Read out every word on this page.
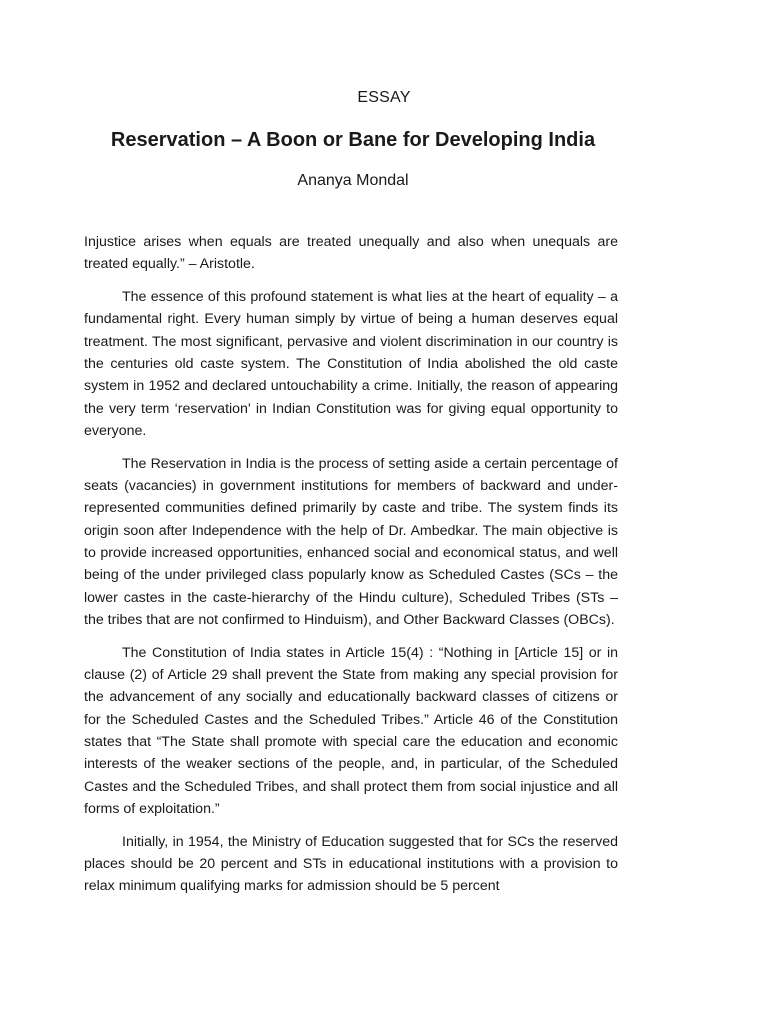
ESSAY
Reservation – A Boon or Bane for Developing India
Ananya Mondal

Injustice arises when equals are treated unequally and also when unequals are treated equally.” – Aristotle.

The essence of this profound statement is what lies at the heart of equality – a fundamental right. Every human simply by virtue of being a human deserves equal treatment. The most significant, pervasive and violent discrimination in our country is the centuries old caste system. The Constitution of India abolished the old caste system in 1952 and declared untouchability a crime. Initially, the reason of appearing the very term ‘reservation' in Indian Constitution was for giving equal opportunity to everyone.

The Reservation in India is the process of setting aside a certain percentage of seats (vacancies) in government institutions for members of backward and under-represented communities defined primarily by caste and tribe. The system finds its origin soon after Independence with the help of Dr. Ambedkar. The main objective is to provide increased opportunities, enhanced social and economical status, and well being of the under privileged class popularly know as Scheduled Castes (SCs – the lower castes in the caste-hierarchy of the Hindu culture), Scheduled Tribes (STs – the tribes that are not confirmed to Hinduism), and Other Backward Classes (OBCs).

The Constitution of India states in Article 15(4) : “Nothing in [Article 15] or in clause (2) of Article 29 shall prevent the State from making any special provision for the advancement of any socially and educationally backward classes of citizens or for the Scheduled Castes and the Scheduled Tribes.” Article 46 of the Constitution states that “The State shall promote with special care the education and economic interests of the weaker sections of the people, and, in particular, of the Scheduled Castes and the Scheduled Tribes, and shall protect them from social injustice and all forms of exploitation.”

Initially, in 1954, the Ministry of Education suggested that for SCs the reserved places should be 20 percent and STs in educational institutions with a provision to relax minimum qualifying marks for admission should be 5 percent
